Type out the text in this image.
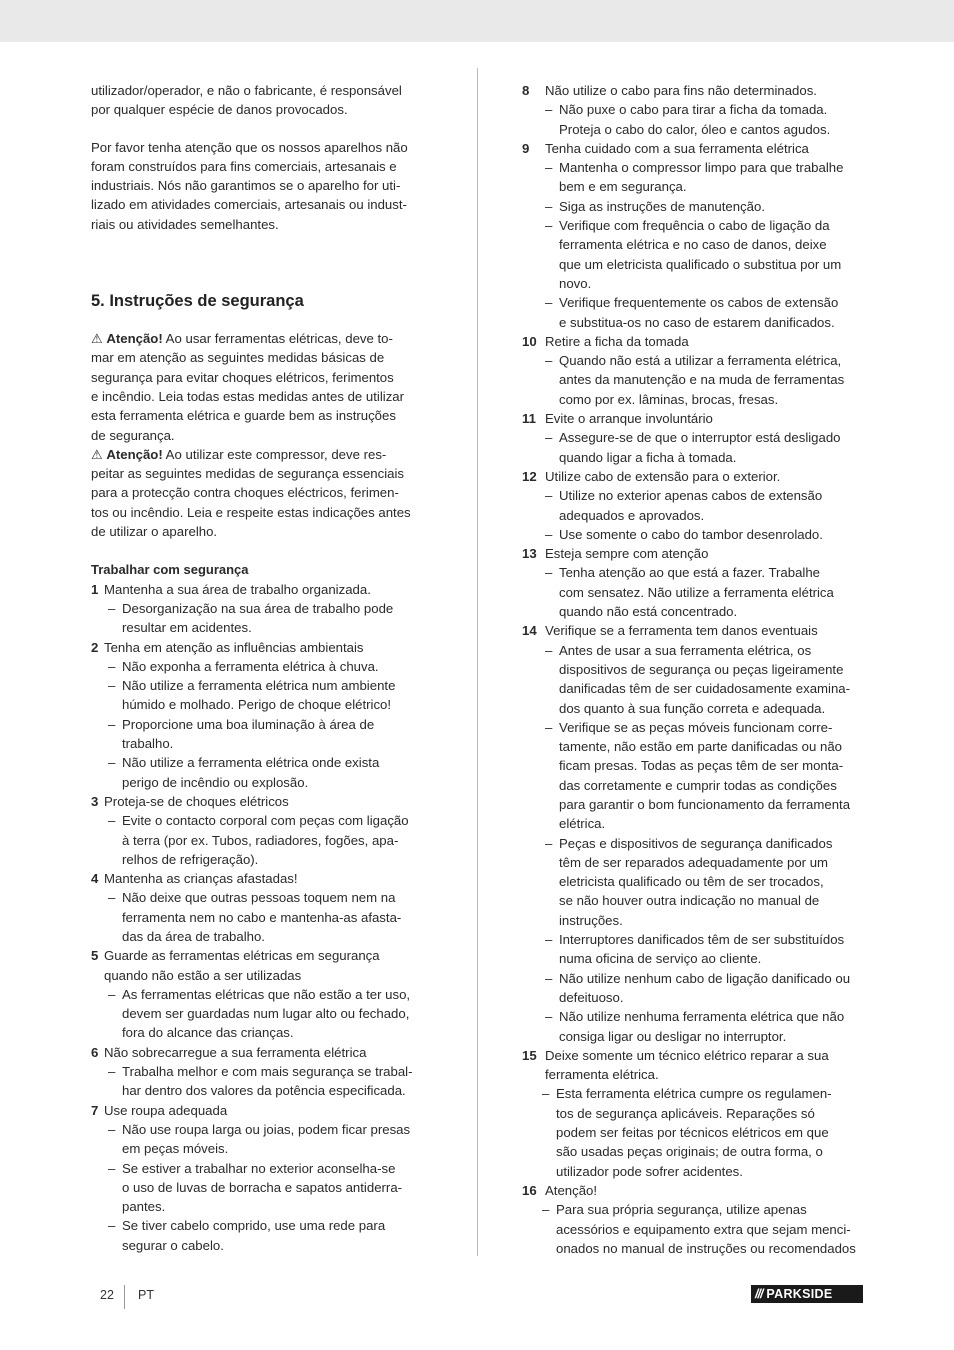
utilizador/operador, e não o fabricante, é responsável

por qualquer espécie de danos provocados.

Por favor tenha atenção que os nossos aparelhos não

foram construídos para fins comerciais, artesanais e

industriais. Nós não garantimos se o aparelho for uti-

lizado em atividades comerciais, artesanais ou indust-

riais ou atividades semelhantes.

5. Instruções de segurança

⚠ Atenção! Ao usar ferramentas elétricas, deve to-

mar em atenção as seguintes medidas básicas de

segurança para evitar choques elétricos, ferimentos

e incêndio. Leia todas estas medidas antes de utilizar

esta ferramenta elétrica e guarde bem as instruções

de segurança.

⚠ Atenção! Ao utilizar este compressor, deve res-

peitar as seguintes medidas de segurança essenciais

para a protecção contra choques eléctricos, ferimen-

tos ou incêndio. Leia e respeite estas indicações antes

de utilizar o aparelho.

Trabalhar com segurança

1 Mantenha a sua área de trabalho organizada.
– Desorganização na sua área de trabalho pode
resultar em acidentes.
2 Tenha em atenção as influências ambientais
– Não exponha a ferramenta elétrica à chuva.
– Não utilize a ferramenta elétrica num ambiente
húmido e molhado. Perigo de choque elétrico!
– Proporcione uma boa iluminação à área de
trabalho.
– Não utilize a ferramenta elétrica onde exista
perigo de incêndio ou explosão.
3 Proteja-se de choques elétricos
– Evite o contacto corporal com peças com ligação
à terra (por ex. Tubos, radiadores, fogões, apa-
relhos de refrigeração).
4 Mantenha as crianças afastadas!
– Não deixe que outras pessoas toquem nem na
ferramenta nem no cabo e mantenha-as afasta-
das da área de trabalho.
5 Guarde as ferramentas elétricas em segurança
quando não estão a ser utilizadas
– As ferramentas elétricas que não estão a ter uso,
devem ser guardadas num lugar alto ou fechado,
fora do alcance das crianças.
6 Não sobrecarregue a sua ferramenta elétrica
– Trabalha melhor e com mais segurança se trabal-
har dentro dos valores da potência especificada.
7 Use roupa adequada
– Não use roupa larga ou joias, podem ficar presas
em peças móveis.
– Se estiver a trabalhar no exterior aconselha-se
o uso de luvas de borracha e sapatos antiderra-
pantes.
– Se tiver cabelo comprido, use uma rede para
segurar o cabelo.
8	Não utilize o cabo para fins não determinados.
– Não puxe o cabo para tirar a ficha da tomada.
Proteja o cabo do calor, óleo e cantos agudos.
9	Tenha cuidado com a sua ferramenta elétrica
– Mantenha o compressor limpo para que trabalhe
bem e em segurança.
– Siga as instruções de manutenção.
– Verifique com frequência o cabo de ligação da
ferramenta elétrica e no caso de danos, deixe
que um eletricista qualificado o substitua por um
novo.
– Verifique frequentemente os cabos de extensão
e substitua-os no caso de estarem danificados.
10 Retire a ficha da tomada
– Quando não está a utilizar a ferramenta elétrica,
antes da manutenção e na muda de ferramentas
como por ex. lâminas, brocas, fresas.
11 Evite o arranque involuntário
– Assegure-se de que o interruptor está desligado
quando ligar a ficha à tomada.
12 Utilize cabo de extensão para o exterior.
– Utilize no exterior apenas cabos de extensão
adequados e aprovados.
– Use somente o cabo do tambor desenrolado.
13 Esteja sempre com atenção
– Tenha atenção ao que está a fazer. Trabalhe
com sensatez. Não utilize a ferramenta elétrica
quando não está concentrado.
14 Verifique se a ferramenta tem danos eventuais
– Antes de usar a sua ferramenta elétrica, os
dispositivos de segurança ou peças ligeiramente
danificadas têm de ser cuidadosamente examina-
dos quanto à sua função correta e adequada.
– Verifique se as peças móveis funcionam corre-
tamente, não estão em parte danificadas ou não
ficam presas. Todas as peças têm de ser monta-
das corretamente e cumprir todas as condições
para garantir o bom funcionamento da ferramenta
elétrica.
– Peças e dispositivos de segurança danificados
têm de ser reparados adequadamente por um
eletricista qualificado ou têm de ser trocados,
se não houver outra indicação no manual de
instruções.
– Interruptores danificados têm de ser substituídos
numa oficina de serviço ao cliente.
– Não utilize nenhum cabo de ligação danificado ou
defeituoso.
– Não utilize nenhuma ferramenta elétrica que não
consiga ligar ou desligar no interruptor.
15 Deixe somente um técnico elétrico reparar a sua
ferramenta elétrica.
– Esta ferramenta elétrica cumpre os regulamen-
tos de segurança aplicáveis. Reparações só
podem ser feitas por técnicos elétricos em que
são usadas peças originais; de outra forma, o
utilizador pode sofrer acidentes.
16 Atenção!
– Para sua própria segurança, utilize apenas
acessórios e equipamento extra que sejam menci-
onados no manual de instruções ou recomendados
22 PT	/// PARKSIDE
